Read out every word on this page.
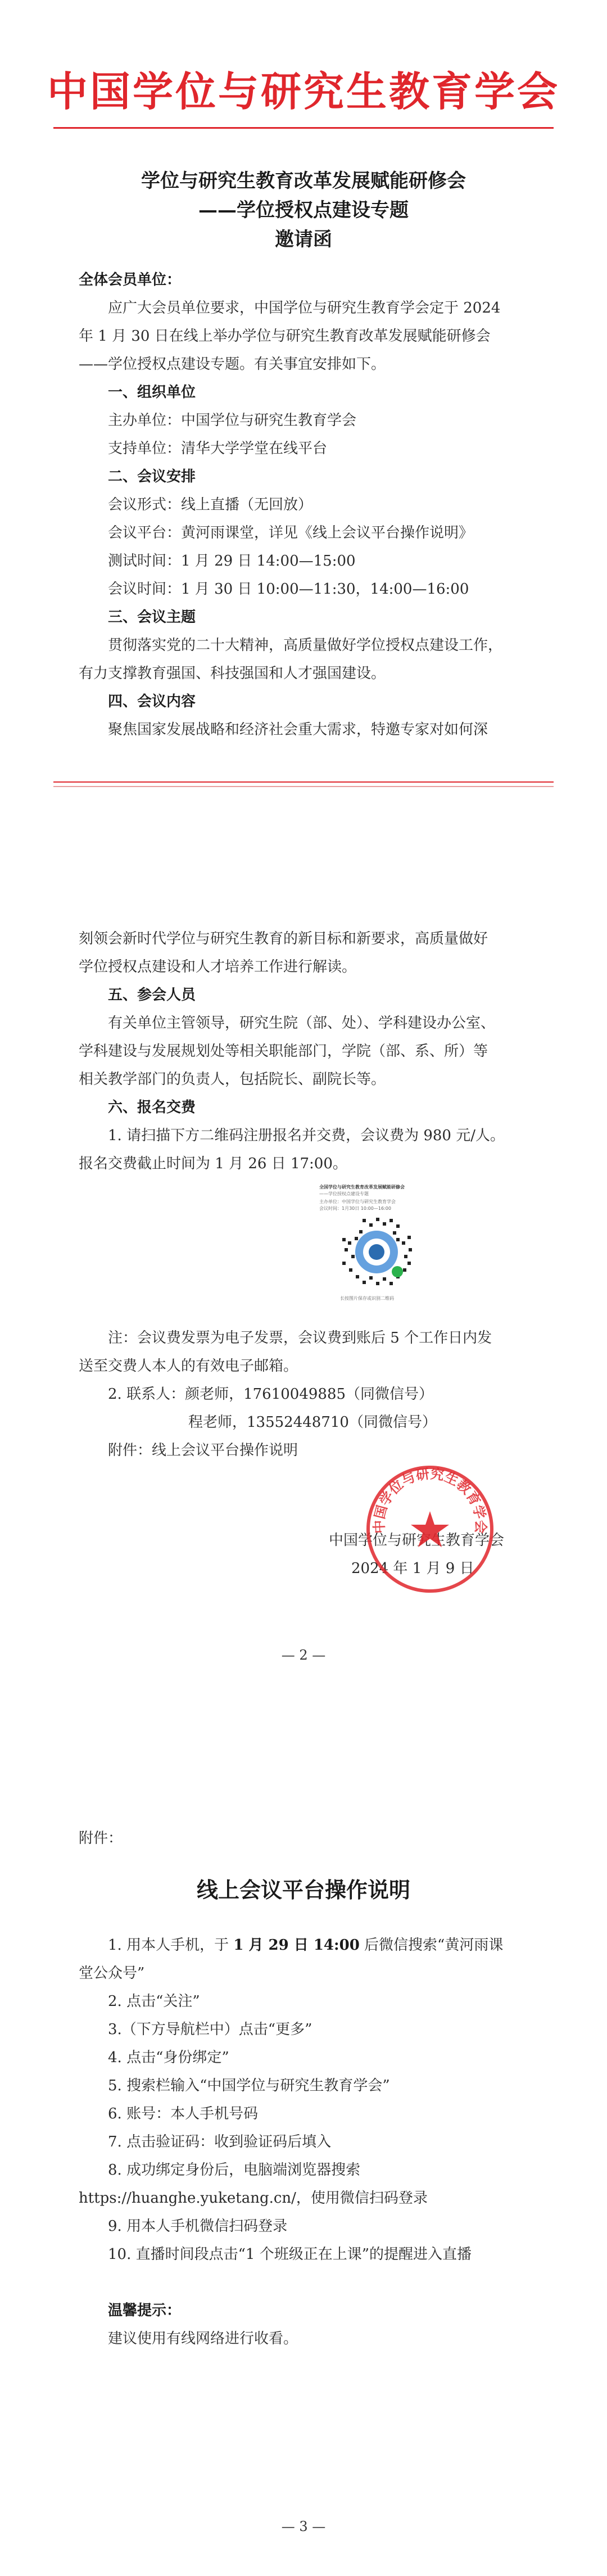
中国学位与研究生教育学会
学位与研究生教育改革发展赋能研修会
——学位授权点建设专题
邀请函
全体会员单位：
应广大会员单位要求，中国学位与研究生教育学会定于 2024
年 1 月 30 日在线上举办学位与研究生教育改革发展赋能研修会
——学位授权点建设专题。有关事宜安排如下。
一、组织单位
主办单位：中国学位与研究生教育学会
支持单位：清华大学学堂在线平台
二、会议安排
会议形式：线上直播（无回放）
会议平台：黄河雨课堂，详见《线上会议平台操作说明》
测试时间：1 月 29 日 14:00—15:00
会议时间：1 月 30 日 10:00—11:30，14:00—16:00
三、会议主题
贯彻落实党的二十大精神，高质量做好学位授权点建设工作，
有力支撑教育强国、科技强国和人才强国建设。
四、会议内容
聚焦国家发展战略和经济社会重大需求，特邀专家对如何深
刻领会新时代学位与研究生教育的新目标和新要求，高质量做好
学位授权点建设和人才培养工作进行解读。
五、参会人员
有关单位主管领导，研究生院（部、处）、学科建设办公室、
学科建设与发展规划处等相关职能部门，学院（部、系、所）等
相关教学部门的负责人，包括院长、副院长等。
六、报名交费
1. 请扫描下方二维码注册报名并交费，会议费为 980 元/人。
报名交费截止时间为 1 月 26 日 17:00。
全国学位与研究生教育改革发展赋能研修会
——学位授权点建设专题
主办单位：中国学位与研究生教育学会
会议时间：1月30日 10:00—16:00
长按图片保存或识别二维码
注：会议费发票为电子发票，会议费到账后 5 个工作日内发
送至交费人本人的有效电子邮箱。
2. 联系人：颜老师，17610049885（同微信号）
程老师，13552448710（同微信号）
附件：线上会议平台操作说明
中国学位与研究生教育学会
2024 年 1 月 9 日
中国学位与研究生教育学会
— 2 —
附件：
线上会议平台操作说明
1. 用本人手机，于 1 月 29 日 14:00 后微信搜索“黄河雨课
堂公众号”
2. 点击“关注”
3.（下方导航栏中）点击“更多”
4. 点击“身份绑定”
5. 搜索栏输入“中国学位与研究生教育学会”
6. 账号：本人手机号码
7. 点击验证码：收到验证码后填入
8. 成功绑定身份后，电脑端浏览器搜索
https://huanghe.yuketang.cn/，使用微信扫码登录
9. 用本人手机微信扫码登录
10. 直播时间段点击“1 个班级正在上课”的提醒进入直播
温馨提示：
建议使用有线网络进行收看。
— 3 —
